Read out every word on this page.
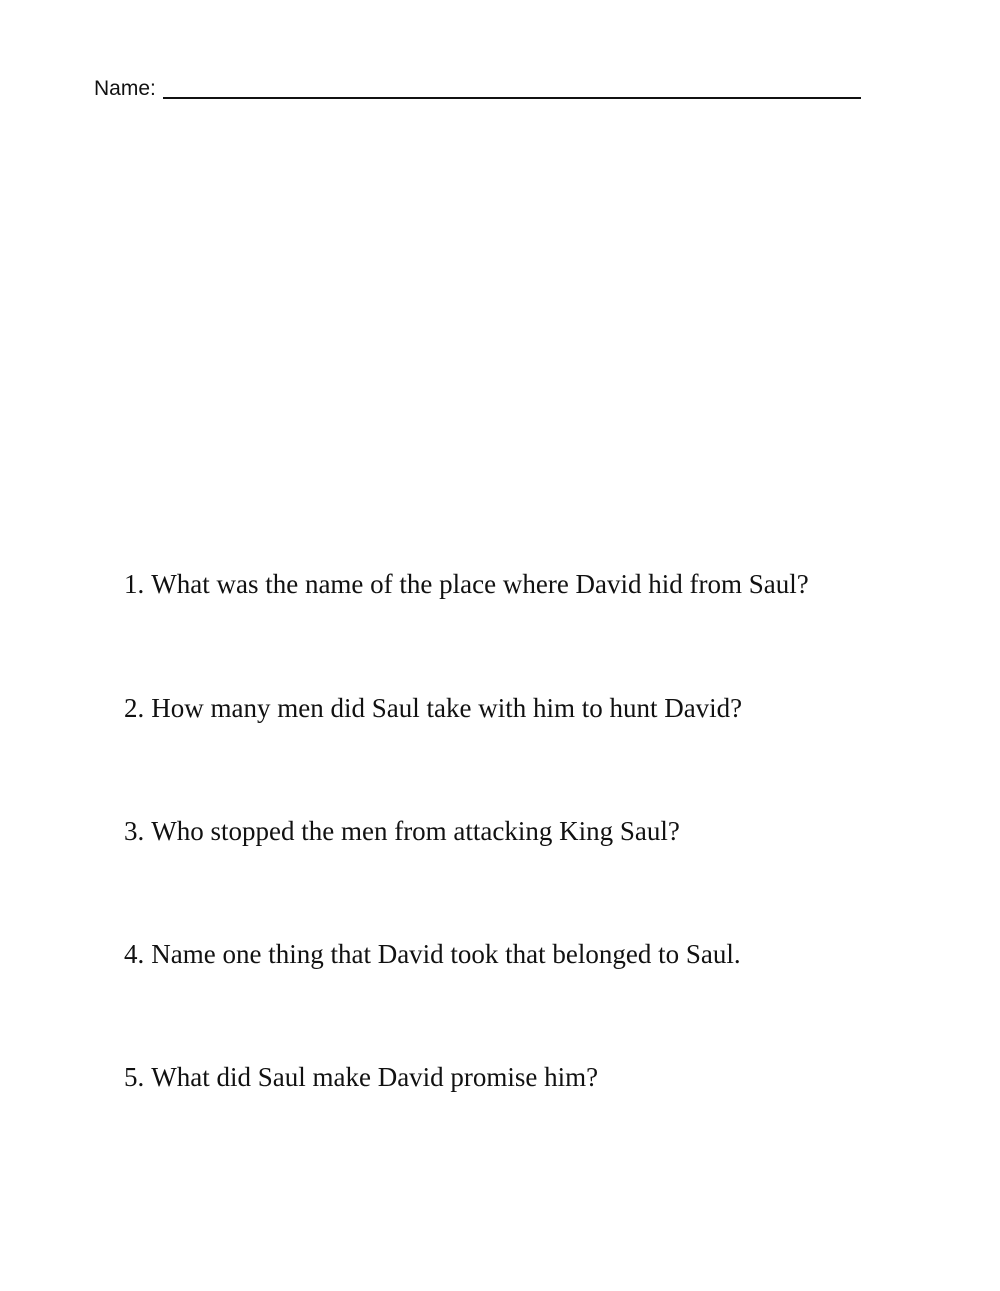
Name:
1. What was the name of the place where David hid from Saul?
2. How many men did Saul take with him to hunt David?
3. Who stopped the men from attacking King Saul?
4. Name one thing that David took that belonged to Saul.
5. What did Saul make David promise him?
